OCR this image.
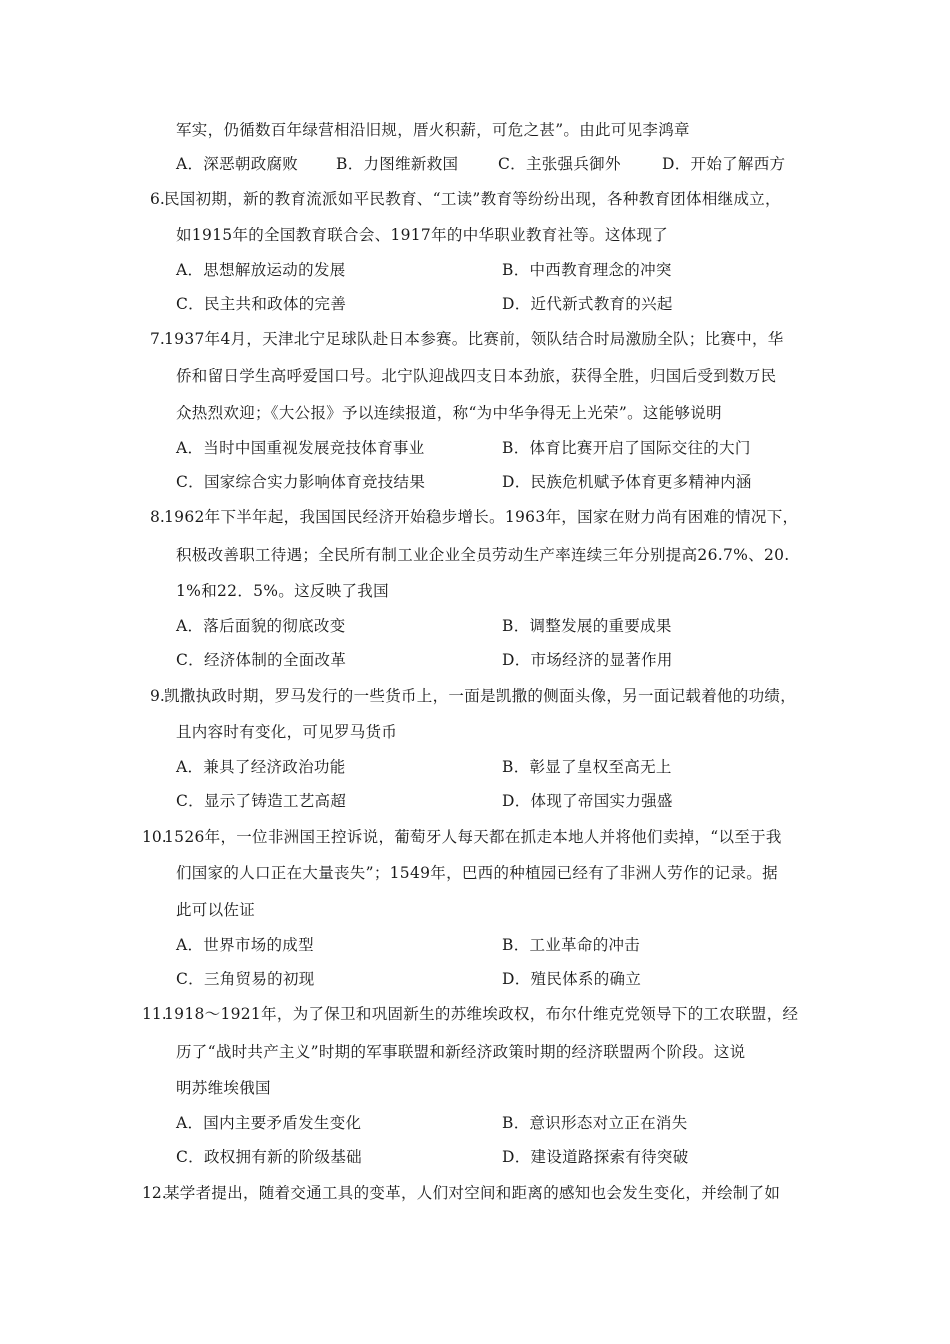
军实，仍循数百年绿营相沿旧规，厝火积薪，可危之甚”。由此可见李鸿章
A．深恶朝政腐败 B．力图维新救国	C．主张强兵御外	D．开始了解西方
6. 民国初期，新的教育流派如平民教育、“工读”教育等纷纷出现，各种教育团体相继成立，
如1915年的全国教育联合会、1917年的中华职业教育社等。这体现了
A．思想解放运动的发展	B．中西教育理念的冲突
C．民主共和政体的完善	D．近代新式教育的兴起
7. 1937年4月，天津北宁足球队赴日本参赛。比赛前，领队结合时局激励全队；比赛中，华
侨和留日学生高呼爱国口号。北宁队迎战四支日本劲旅，获得全胜，归国后受到数万民
众热烈欢迎；《大公报》予以连续报道，称“为中华争得无上光荣”。这能够说明
A．当时中国重视发展竞技体育事业	B．体育比赛开启了国际交往的大门
C．国家综合实力影响体育竞技结果	D．民族危机赋予体育更多精神内涵
8. 1962年下半年起，我国国民经济开始稳步增长。1963年，国家在财力尚有困难的情况下，
积极改善职工待遇；全民所有制工业企业全员劳动生产率连续三年分别提高26.7%、20.
1%和22．5%。这反映了我国
A．落后面貌的彻底改变	B．调整发展的重要成果
C．经济体制的全面改革	D．市场经济的显著作用
9. 凯撒执政时期，罗马发行的一些货币上，一面是凯撒的侧面头像，另一面记载着他的功绩，
且内容时有变化，可见罗马货币
A．兼具了经济政治功能	B．彰显了皇权至高无上
C．显示了铸造工艺高超	D．体现了帝国实力强盛
10.
1526年，一位非洲国王控诉说，葡萄牙人每天都在抓走本地人并将他们卖掉，“以至于我
们国家的人口正在大量丧失”；1549年，巴西的种植园已经有了非洲人劳作的记录。据
此可以佐证
A．世界市场的成型	B．工业革命的冲击
C．三角贸易的初现	D．殖民体系的确立
11.
1918～1921年，为了保卫和巩固新生的苏维埃政权，布尔什维克党领导下的工农联盟，经
历了“战时共产主义”时期的军事联盟和新经济政策时期的经济联盟两个阶段。这说
明苏维埃俄国
A．国内主要矛盾发生变化	B．意识形态对立正在消失
C．政权拥有新的阶级基础	D．建设道路探索有待突破
12.
某学者提出，随着交通工具的变革，人们对空间和距离的感知也会发生变化，并绘制了如
